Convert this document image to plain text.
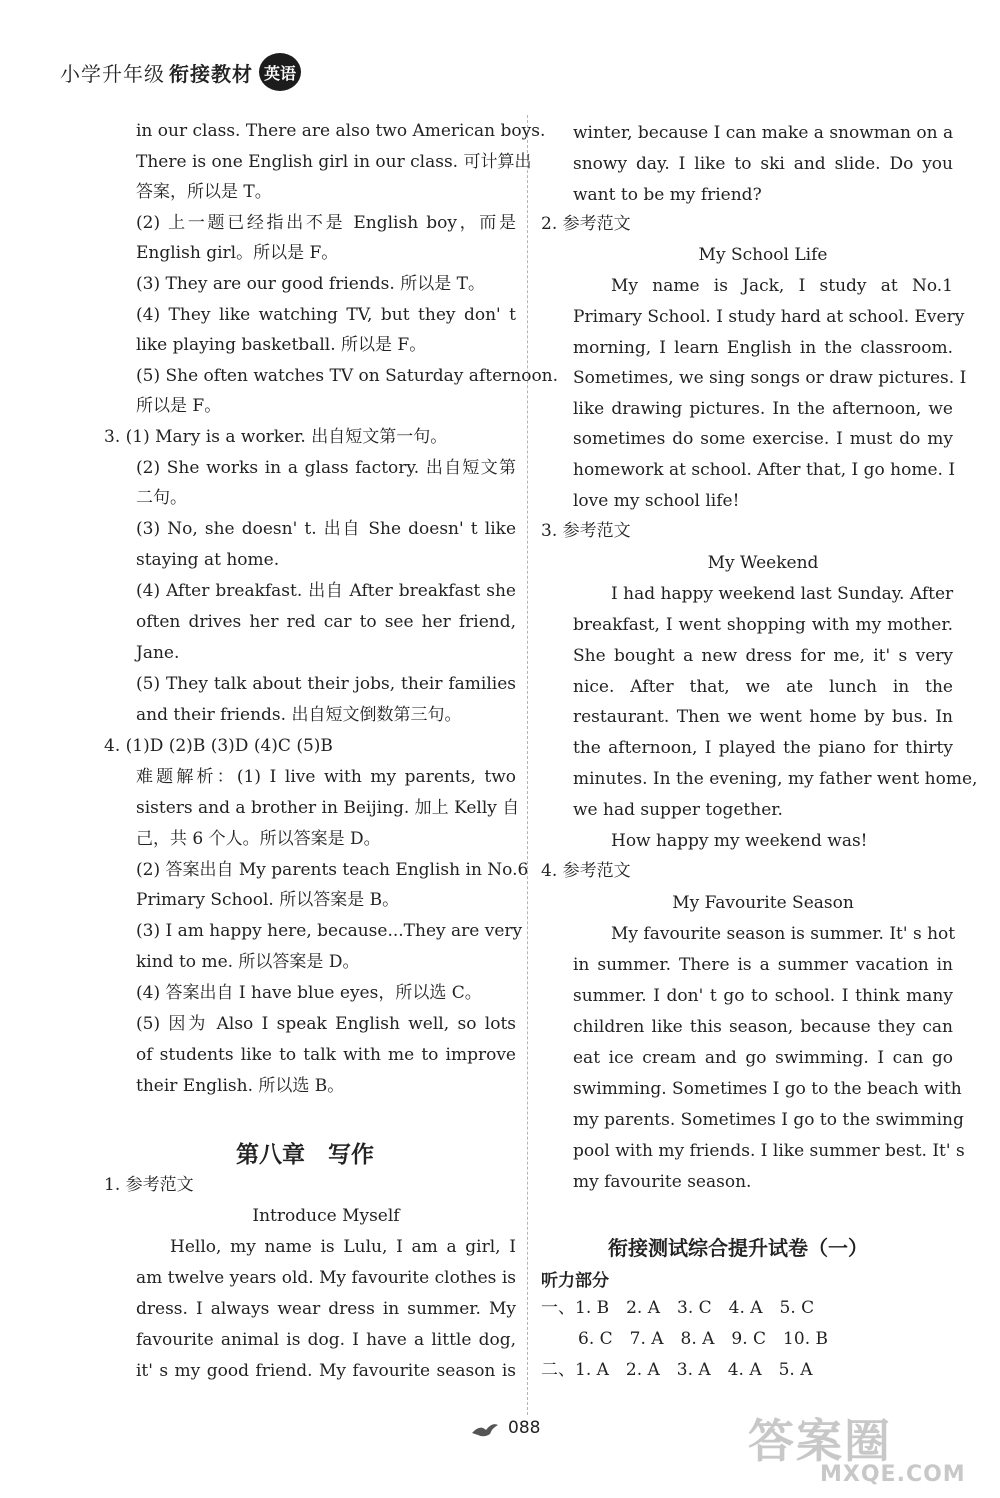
小学升年级 衔接教材 英语
in our class. There are also two American boys.
There is one English girl in our class. 可计算出
答案，所以是 T。
(2) 上一题已经指出不是 English boy，而是
English girl。所以是 F。
(3) They are our good friends. 所以是 T。
(4) They like watching TV, but they don' t
like playing basketball. 所以是 F。
(5) She often watches TV on Saturday afternoon.
所以是 F。
3. (1) Mary is a worker. 出自短文第一句。
(2) She works in a glass factory. 出自短文第
二句。
(3) No, she doesn' t. 出自 She doesn' t like
staying at home.
(4) After breakfast. 出自 After breakfast she
often drives her red car to see her friend,
Jane.
(5) They talk about their jobs, their families
and their friends. 出自短文倒数第三句。
4. (1)D (2)B (3)D (4)C (5)B
难题解析：(1) I live with my parents, two
sisters and a brother in Beijing. 加上 Kelly 自
己，共 6 个人。所以答案是 D。
(2) 答案出自 My parents teach English in No.6
Primary School. 所以答案是 B。
(3) I am happy here, because...They are very
kind to me. 所以答案是 D。
(4) 答案出自 I have blue eyes，所以选 C。
(5) 因为 Also I speak English well, so lots
of students like to talk with me to improve
their English. 所以选 B。
第八章　写作
1. 参考范文
Introduce Myself
Hello, my name is Lulu, I am a girl, I
am twelve years old. My favourite clothes is
dress. I always wear dress in summer. My
favourite animal is dog. I have a little dog,
it' s my good friend. My favourite season is
winter, because I can make a snowman on a
snowy day. I like to ski and slide. Do you
want to be my friend?
2. 参考范文
My School Life
My name is Jack, I study at No.1
Primary School. I study hard at school. Every
morning, I learn English in the classroom.
Sometimes, we sing songs or draw pictures. I
like drawing pictures. In the afternoon, we
sometimes do some exercise. I must do my
homework at school. After that, I go home. I
love my school life!
3. 参考范文
My Weekend
I had happy weekend last Sunday. After
breakfast, I went shopping with my mother.
She bought a new dress for me, it' s very
nice. After that, we ate lunch in the
restaurant. Then we went home by bus. In
the afternoon, I played the piano for thirty
minutes. In the evening, my father went home,
we had supper together.
How happy my weekend was!
4. 参考范文
My Favourite Season
My favourite season is summer. It' s hot
in summer. There is a summer vacation in
summer. I don' t go to school. I think many
children like this season, because they can
eat ice cream and go swimming. I can go
swimming. Sometimes I go to the beach with
my parents. Sometimes I go to the swimming
pool with my friends. I like summer best. It' s
my favourite season.
衔接测试综合提升试卷（一）
听力部分
一、1. B　2. A　3. C　4. A　5. C
6. C　7. A　8. A　9. C　10. B
二、1. A　2. A　3. A　4. A　5. A
088	答案圈
MXQE.COM
